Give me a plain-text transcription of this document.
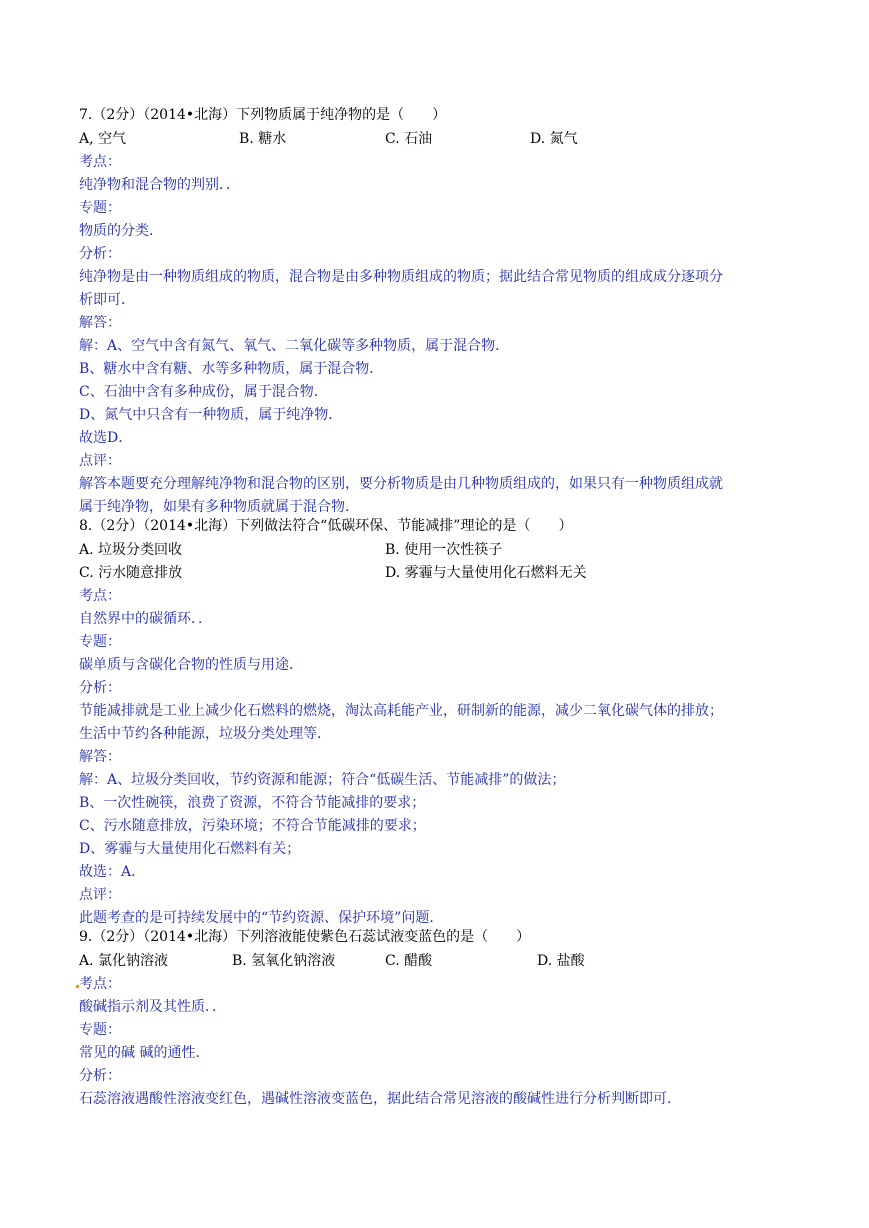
7.（2分）（2014•北海）下列物质属于纯净物的是（　　）
A, 空气	B. 糖水	C. 石油	D. 氮气
考点：
纯净物和混合物的判别．．
专题：
物质的分类．
分析：
纯净物是由一种物质组成的物质，混合物是由多种物质组成的物质；据此结合常见物质的组成成分逐项分
析即可．
解答：
解：A、空气中含有氮气、氧气、二氧化碳等多种物质，属于混合物．
B、糖水中含有糖、水等多种物质，属于混合物．
C、石油中含有多种成份，属于混合物．
D、氮气中只含有一种物质，属于纯净物．
故选D．
点评：
解答本题要充分理解纯净物和混合物的区别，要分析物质是由几种物质组成的，如果只有一种物质组成就
属于纯净物，如果有多种物质就属于混合物．
8.（2分）（2014•北海）下列做法符合“低碳环保、节能减排”理论的是（　　）
A. 垃圾分类回收	B. 使用一次性筷子
C. 污水随意排放	D. 雾霾与大量使用化石燃料无关
考点：
自然界中的碳循环．．
专题：
碳单质与含碳化合物的性质与用途．
分析：
节能减排就是工业上减少化石燃料的燃烧，淘汰高耗能产业，研制新的能源，减少二氧化碳气体的排放；
生活中节约各种能源，垃圾分类处理等．
解答：
解：A、垃圾分类回收，节约资源和能源；符合“低碳生活、节能减排”的做法；
B、一次性碗筷，浪费了资源，不符合节能减排的要求；
C、污水随意排放，污染环境；不符合节能减排的要求；
D、雾霾与大量使用化石燃料有关；
故选：A．
点评：
此题考查的是可持续发展中的“节约资源、保护环境”问题．
9.（2分）（2014•北海）下列溶液能使紫色石蕊试液变蓝色的是（　　）
A. 氯化钠溶液	B. 氢氧化钠溶液	C. 醋酸	D. 盐酸
考点：
酸碱指示剂及其性质．．
专题：
常见的碱 碱的通性．
分析：
石蕊溶液遇酸性溶液变红色，遇碱性溶液变蓝色，据此结合常见溶液的酸碱性进行分析判断即可．
